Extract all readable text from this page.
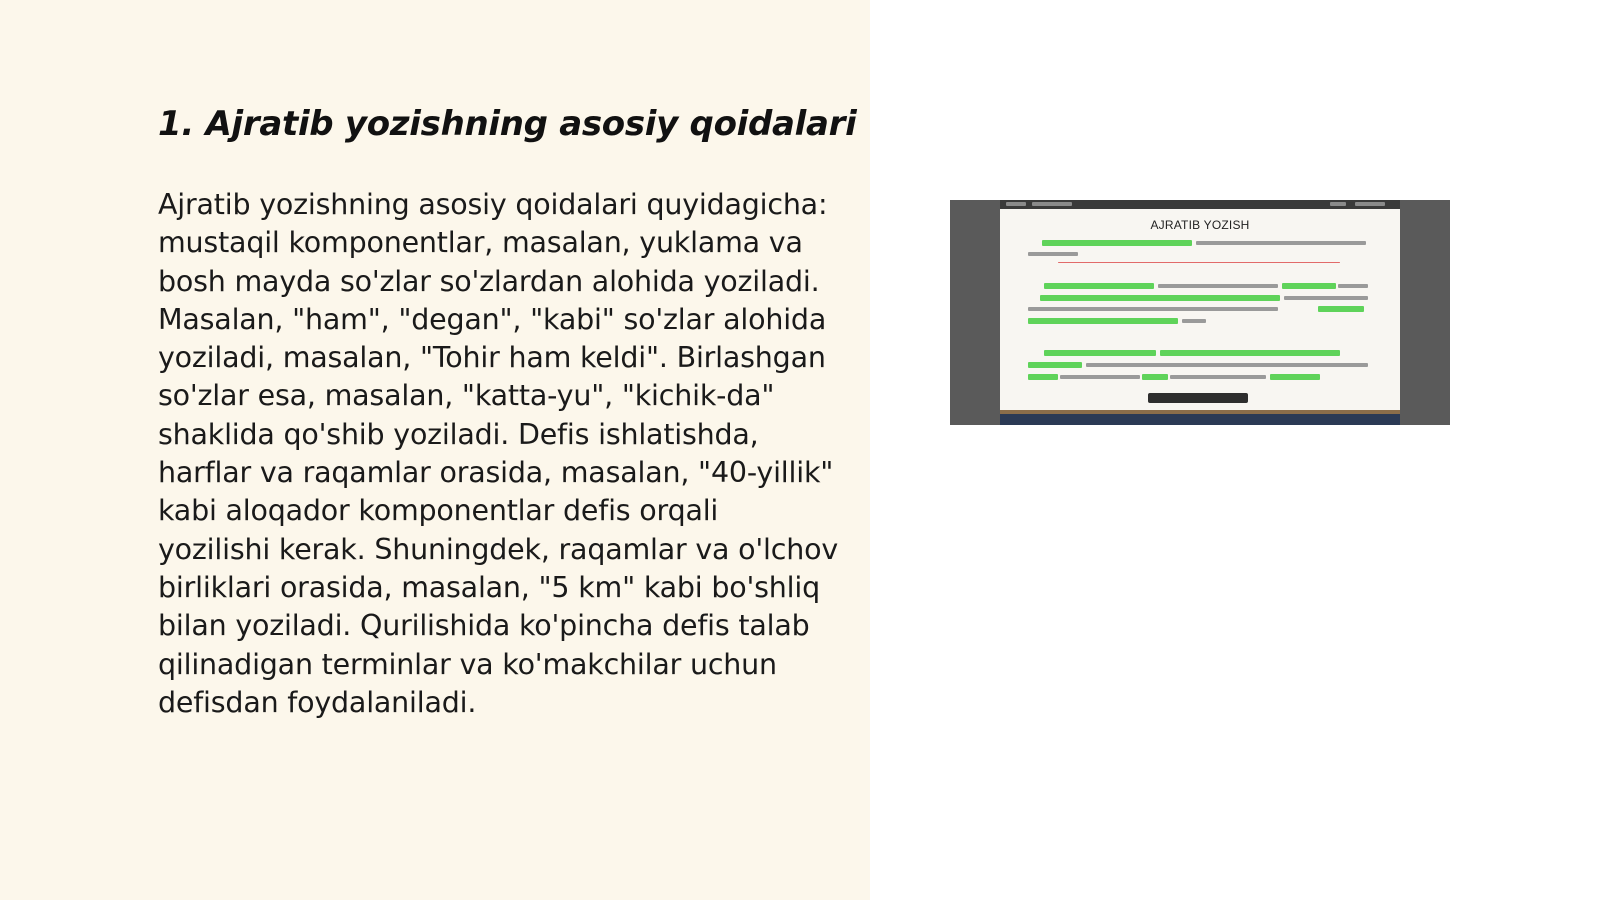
1. Ajratib yozishning asosiy qoidalari

Ajratib yozishning asosiy qoidalari quyidagicha: mustaqil komponentlar, masalan, yuklama va bosh mayda so'zlar so'zlardan alohida yoziladi. Masalan, "ham", "degan", "kabi" so'zlar alohida yoziladi, masalan, "Tohir ham keldi". Birlashgan so'zlar esa, masalan, "katta-yu", "kichik-da" shaklida qo'shib yoziladi. Defis ishlatishda, harflar va raqamlar orasida, masalan, "40-yillik" kabi aloqador komponentlar defis orqali yozilishi kerak. Shuningdek, raqamlar va o'lchov birliklari orasida, masalan, "5 km" kabi bo'shliq bilan yoziladi. Qurilishida ko'pincha defis talab qilinadigan terminlar va ko'makchilar uchun defisdan foydalaniladi.

AJRATIB YOZISH
